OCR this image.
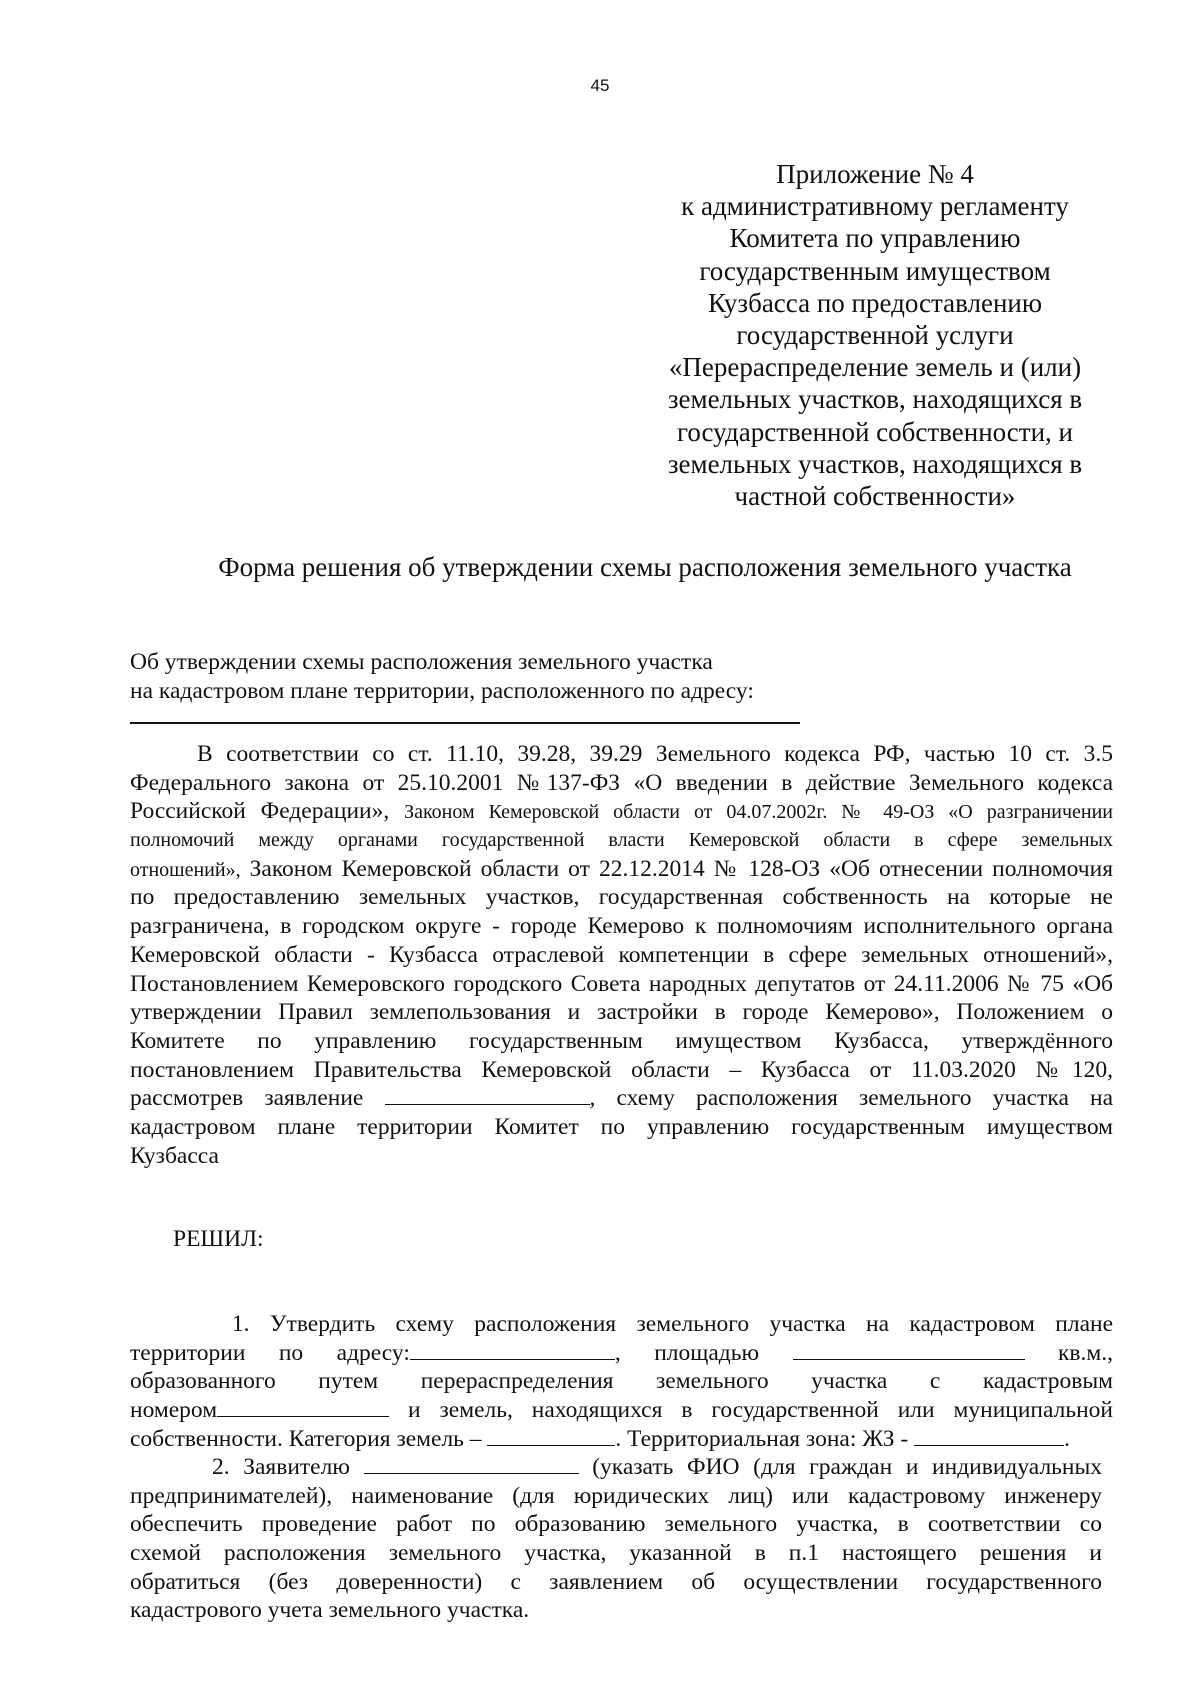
45
Приложение № 4
к административному регламенту
Комитета по управлению
государственным имуществом
Кузбасса по предоставлению
государственной услуги
«Перераспределение земель и (или)
земельных участков, находящихся в
государственной собственности, и
земельных участков, находящихся в
частной собственности»
Форма решения об утверждении схемы расположения земельного участка
Об утверждении схемы расположения земельного участка
на кадастровом плане территории, расположенного по адресу:
В соответствии со ст. 11.10, 39.28, 39.29 Земельного кодекса РФ, частью 10 ст. 3.5
Федерального закона от 25.10.2001 №137-ФЗ «О введении в действие Земельного кодекса
Российской Федерации», Законом Кемеровской области от 04.07.2002г. № 49-ОЗ «О разграничении
полномочий между органами государственной власти Кемеровской области в сфере земельных
отношений», Законом Кемеровской области от 22.12.2014 № 128-ОЗ «Об отнесении полномочия
по предоставлению земельных участков, государственная собственность на которые не
разграничена, в городском округе - городе Кемерово к полномочиям исполнительного органа
Кемеровской области - Кузбасса отраслевой компетенции в сфере земельных отношений»,
Постановлением Кемеровского городского Совета народных депутатов от 24.11.2006 № 75 «Об
утверждении Правил землепользования и застройки в городе Кемерово», Положением о
Комитете по управлению государственным имуществом Кузбасса, утверждённого
постановлением Правительства Кемеровской области – Кузбасса от 11.03.2020 №120,
рассмотрев заявление	, схему расположения земельного участка на
кадастровом плане территории Комитет по управлению государственным имуществом
Кузбасса
РЕШИЛ:
1. Утвердить схему расположения земельного участка на кадастровом плане
территории по адресу:	, площадью	кв.м.,
образованного путем перераспределения земельного участка с кадастровым
номером	и земель, находящихся в государственной или муниципальной
собственности. Категория земель –	. Территориальная зона: ЖЗ -	.
2. Заявителю	(указать ФИО (для граждан и индивидуальных
предпринимателей), наименование (для юридических лиц) или кадастровому инженеру
обеспечить проведение работ по образованию земельного участка, в соответствии со
схемой расположения земельного участка, указанной в п.1 настоящего решения и
обратиться (без доверенности) с заявлением об осуществлении государственного
кадастрового учета земельного участка.
